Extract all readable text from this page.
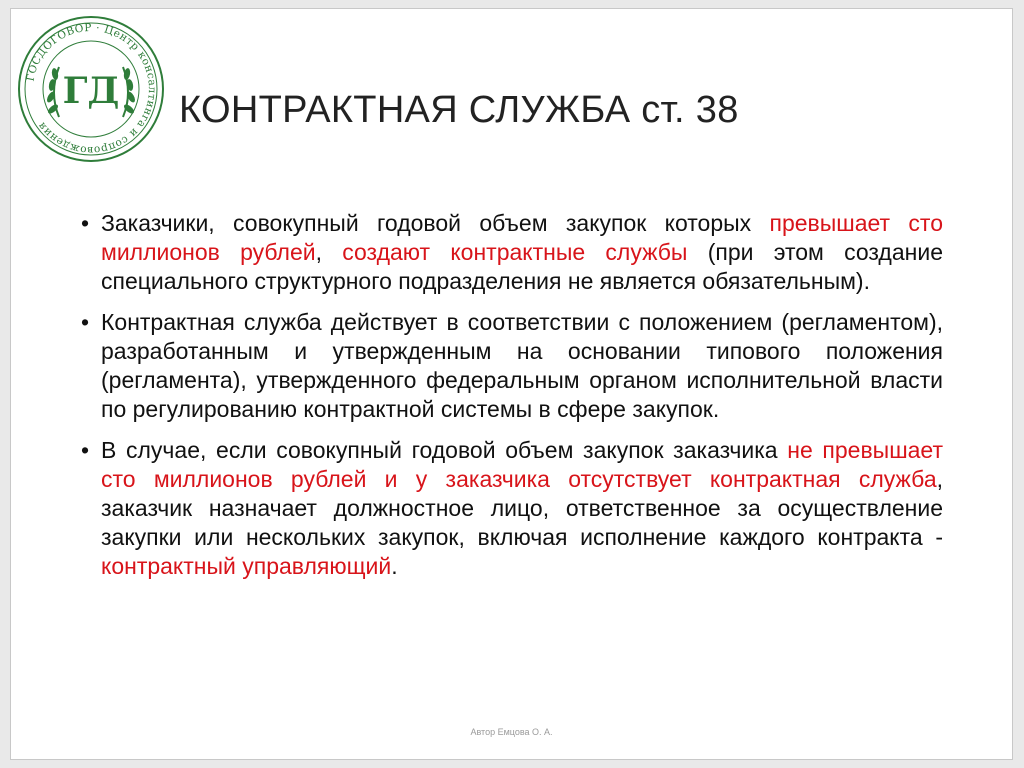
ГОСДОГОВОР · Центр консалтинга и сопровождения
ГД КОНТРАКТНАЯ СЛУЖБА ст. 38
• Заказчики, совокупный годовой объем закупок которых превышает сто миллионов рублей, создают контрактные службы (при этом создание специального структурного подразделения не является обязательным).
• Контрактная служба действует в соответствии с положением (регламентом), разработанным и утвержденным на основании типового положения (регламента), утвержденного федеральным органом исполнительной власти по регулированию контрактной системы в сфере закупок.
• В случае, если совокупный годовой объем закупок заказчика не превышает сто миллионов рублей и у заказчика отсутствует контрактная служба, заказчик назначает должностное лицо, ответственное за осуществление закупки или нескольких закупок, включая исполнение каждого контракта - контрактный управляющий.
Автор Емцова О. А.
